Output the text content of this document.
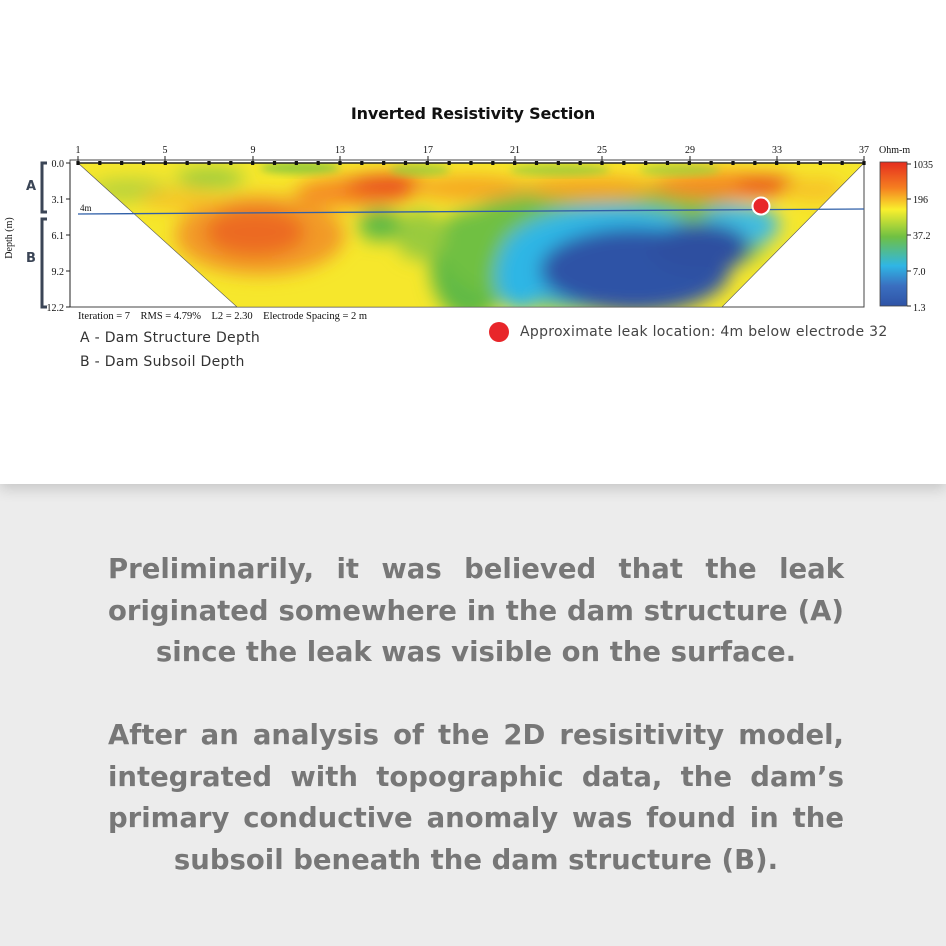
Inverted Resistivity Section
1	5	9	13	17	21	25	29	33	37
0.0
3.1
6.1
9.2
12.2
Depth (m)
A
B
4m
1035
196
37.2
7.0
1.3
Ohm-m
Iteration = 7    RMS = 4.79%    L2 = 2.30    Electrode Spacing = 2 m
A - Dam Structure Depth
B - Dam Subsoil Depth
Approximate leak location: 4m below electrode 32

Preliminarily, it was believed that the leak originated somewhere in the dam structure (A) since the leak was visible on the surface.

After an analysis of the 2D resisitivity model, integrated with topographic data, the dam’s primary conductive anomaly was found in the subsoil beneath the dam structure (B).
